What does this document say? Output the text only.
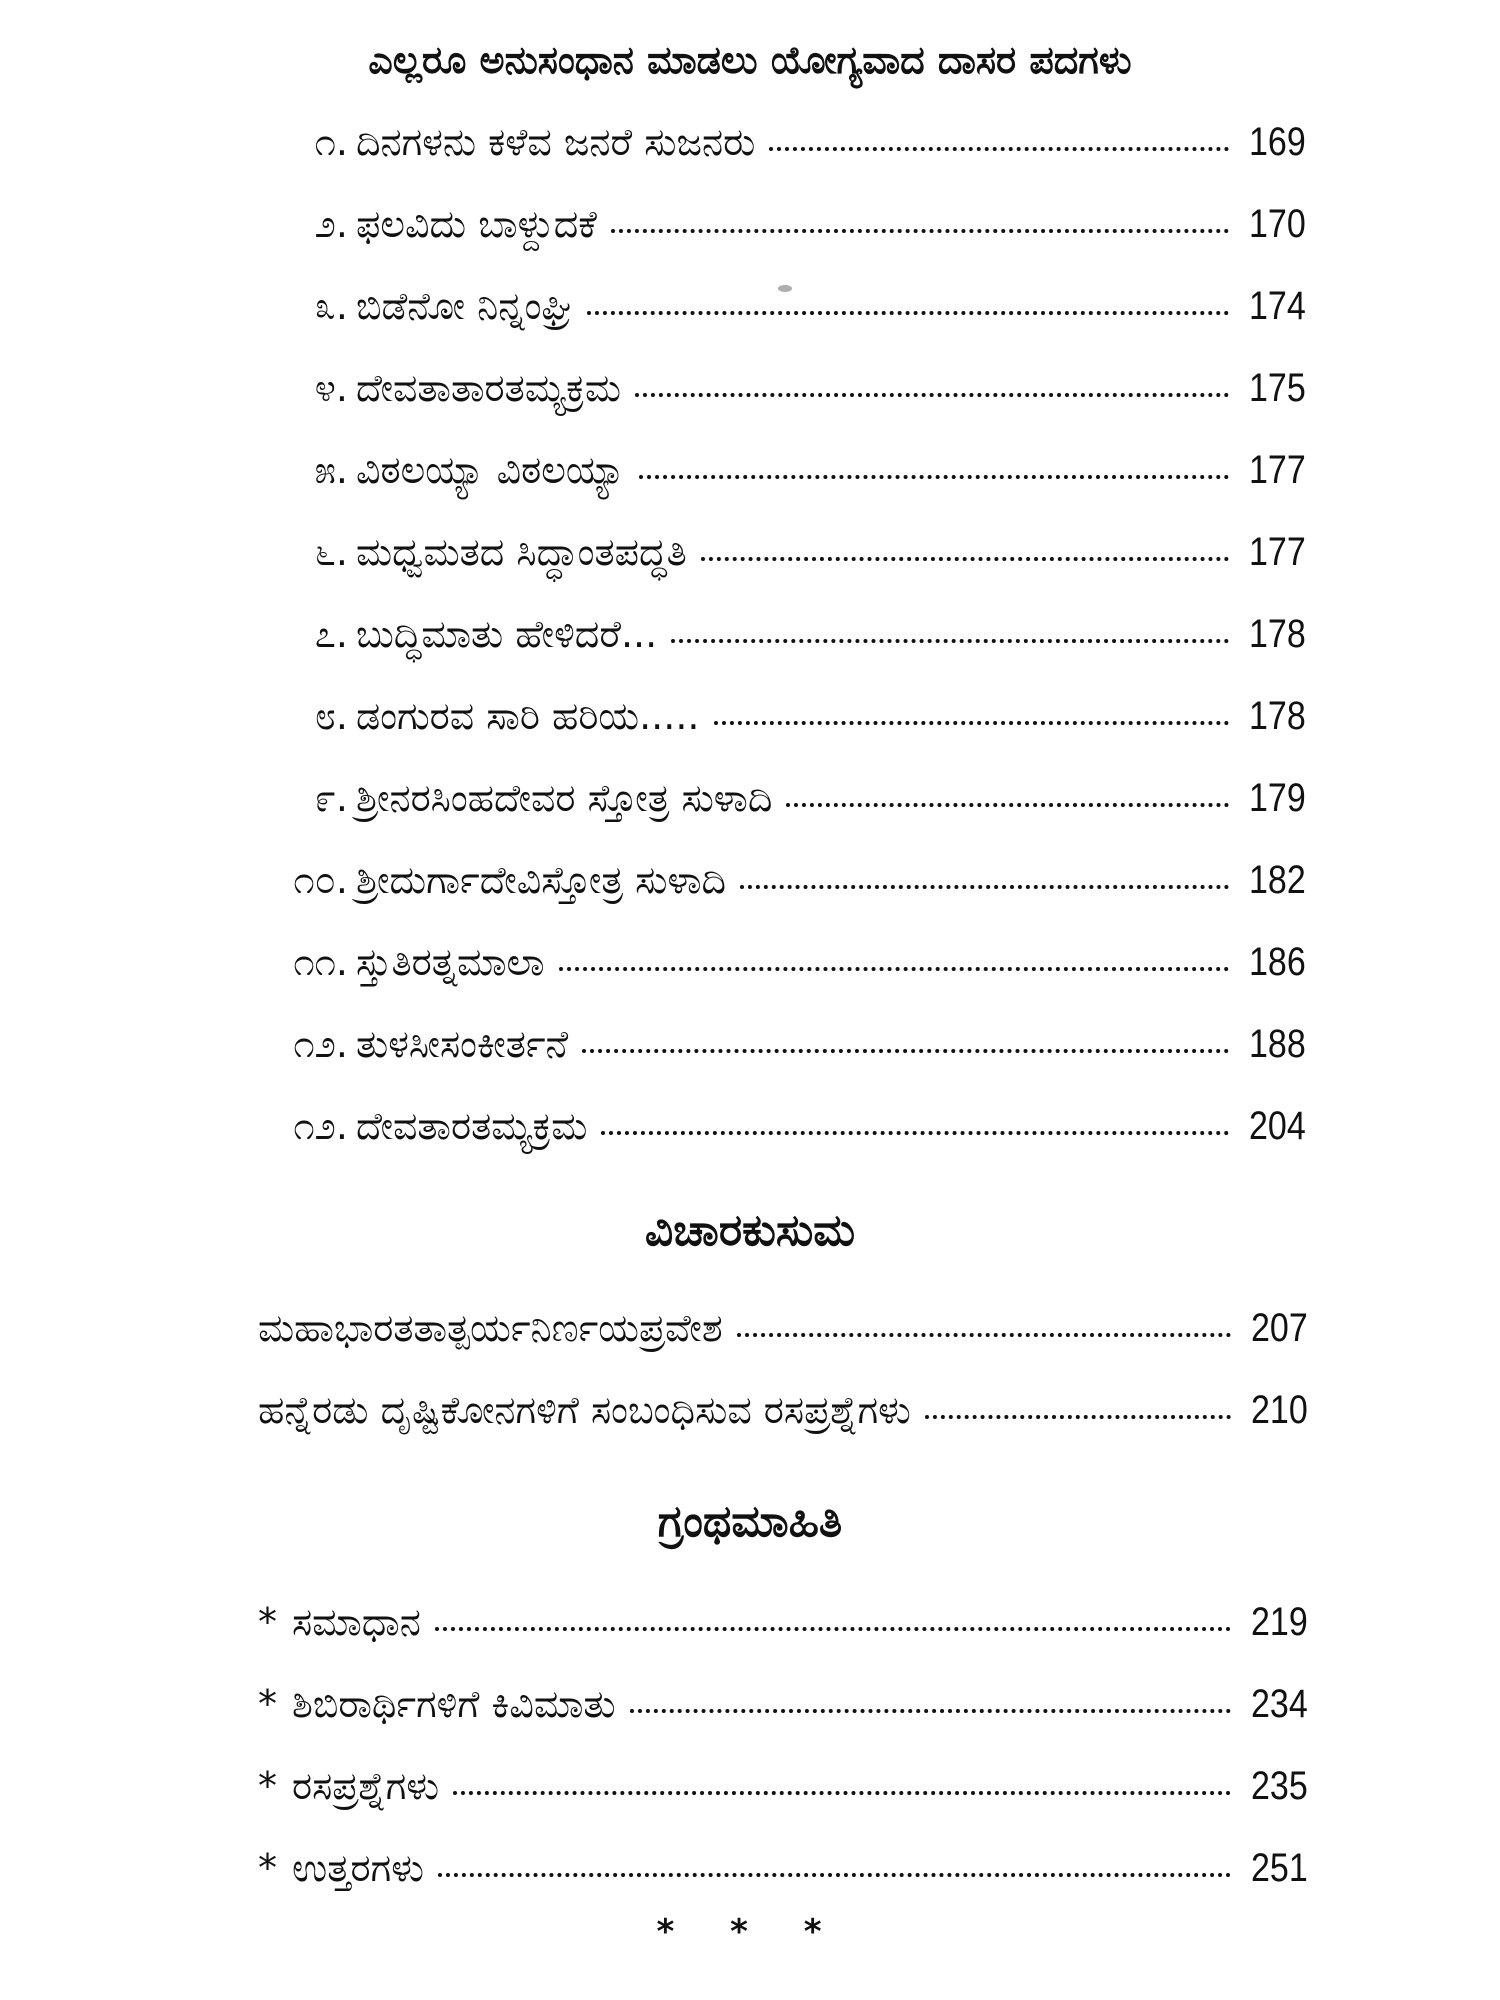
ಎಲ್ಲರೂ ಅನುಸಂಧಾನ ಮಾಡಲು ಯೋಗ್ಯವಾದ ದಾಸರ ಪದಗಳು
೧. ದಿನಗಳನು ಕಳೆವ ಜನರೆ ಸುಜನರು	169
೨. ಫಲವಿದು ಬಾಳ್ದುದಕೆ	170
೩. ಬಿಡೆನೋ ನಿನ್ನಂಘ್ರಿ	174
೪. ದೇವತಾತಾರತಮ್ಯಕ್ರಮ	175
೫. ವಿಠಲಯ್ಯಾ ವಿಠಲಯ್ಯಾ	177
೬. ಮಧ್ವಮತದ ಸಿದ್ಧಾಂತಪದ್ಧತಿ	177
೭. ಬುದ್ಧಿಮಾತು ಹೇಳಿದರೆ...	178
೮. ಡಂಗುರವ ಸಾರಿ ಹರಿಯ.....	178
೯. ಶ್ರೀನರಸಿಂಹದೇವರ ಸ್ತೋತ್ರ ಸುಳಾದಿ	179
೧೦. ಶ್ರೀದುರ್ಗಾದೇವಿಸ್ತೋತ್ರ ಸುಳಾದಿ	182
೧೧. ಸ್ತುತಿರತ್ನಮಾಲಾ	186
೧೨. ತುಳಸೀಸಂಕೀರ್ತನೆ	188
೧೨. ದೇವತಾರತಮ್ಯಕ್ರಮ	204
ವಿಚಾರಕುಸುಮ
ಮಹಾಭಾರತತಾತ್ಪರ್ಯನಿರ್ಣಯಪ್ರವೇಶ	207
ಹನ್ನೆರಡು ದೃಷ್ಟಿಕೋನಗಳಿಗೆ ಸಂಬಂಧಿಸುವ ರಸಪ್ರಶ್ನೆಗಳು	210
ಗ್ರಂಥಮಾಹಿತಿ
* ಸಮಾಧಾನ	219
* ಶಿಬಿರಾರ್ಥಿಗಳಿಗೆ ಕಿವಿಮಾತು	234
* ರಸಪ್ರಶ್ನೆಗಳು	235
* ಉತ್ತರಗಳು	251
* * *
